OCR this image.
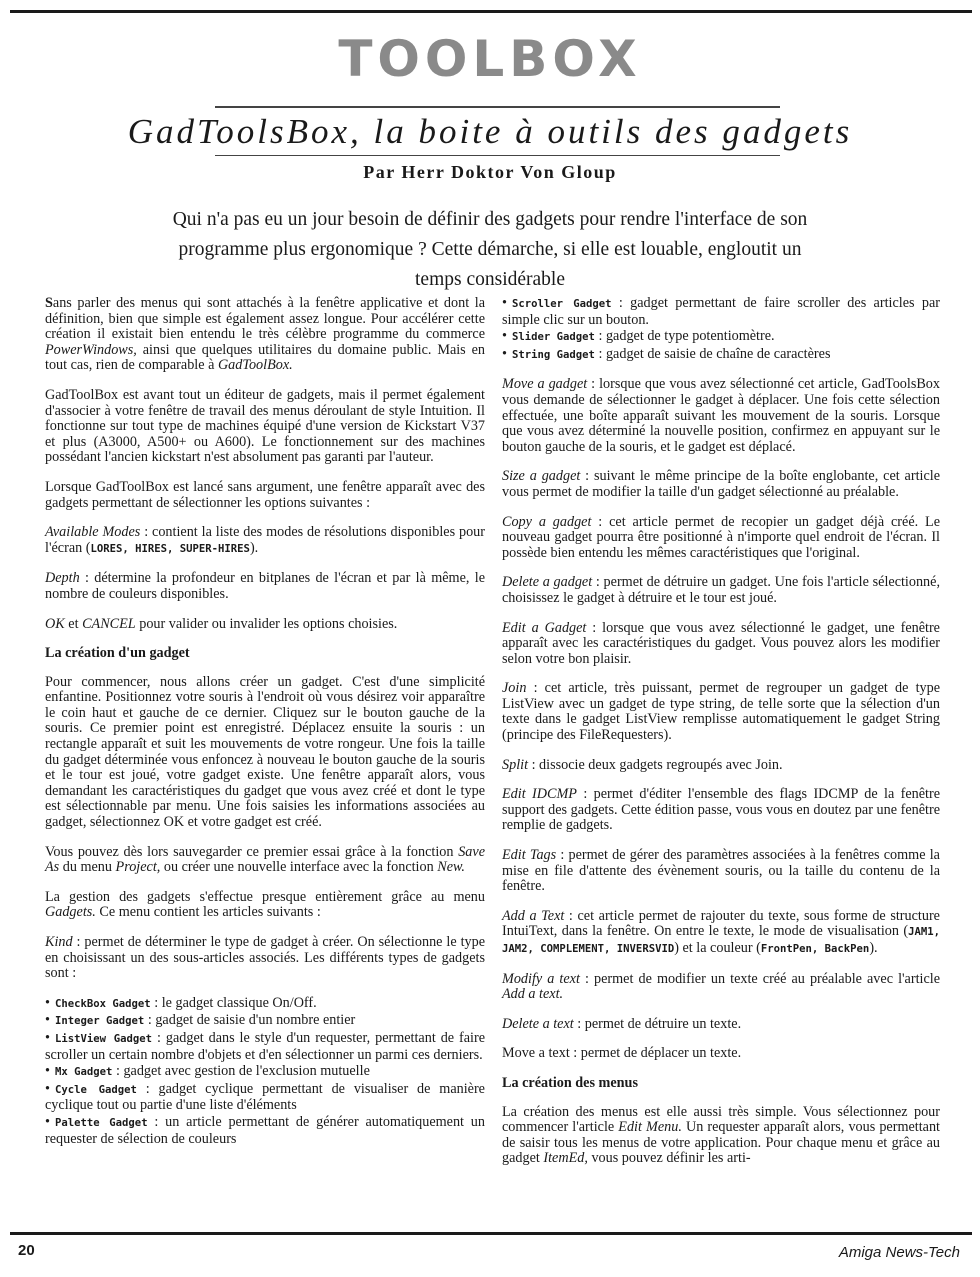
TOOLBOX
GadToolsBox, la boite à outils des gadgets
Par Herr Doktor Von Gloup
Qui n'a pas eu un jour besoin de définir des gadgets pour rendre l'interface de son programme plus ergonomique ? Cette démarche, si elle est louable, engloutit un temps considérable

Sans parler des menus qui sont attachés à la fenêtre applicative et dont la définition, bien que simple est également assez longue. Pour accélérer cette création il existait bien entendu le très célèbre programme du commerce PowerWindows, ainsi que quelques utilitaires du domaine public. Mais en tout cas, rien de comparable à GadToolBox.

GadToolBox est avant tout un éditeur de gadgets, mais il permet également d'associer à votre fenêtre de travail des menus déroulant de style Intuition. Il fonctionne sur tout type de machines équipé d'une version de Kickstart V37 et plus (A3000, A500+ ou A600). Le fonctionnement sur des machines possédant l'ancien kickstart n'est absolument pas garanti par l'auteur.

Lorsque GadToolBox est lancé sans argument, une fenêtre apparaît avec des gadgets permettant de sélectionner les options suivantes :

Available Modes : contient la liste des modes de résolutions disponibles pour l'écran (LORES, HIRES, SUPER-HIRES).

Depth : détermine la profondeur en bitplanes de l'écran et par là même, le nombre de couleurs disponibles.

OK et CANCEL pour valider ou invalider les options choisies.

La création d'un gadget

Pour commencer, nous allons créer un gadget. C'est d'une simplicité enfantine. Positionnez votre souris à l'endroit où vous désirez voir apparaître le coin haut et gauche de ce dernier. Cliquez sur le bouton gauche de la souris. Ce premier point est enregistré. Déplacez ensuite la souris : un rectangle apparaît et suit les mouvements de votre rongeur. Une fois la taille du gadget déterminée vous enfoncez à nouveau le bouton gauche de la souris et le tour est joué, votre gadget existe. Une fenêtre apparaît alors, vous demandant les caractéristiques du gadget que vous avez créé et dont le type est sélectionnable par menu. Une fois saisies les informations associées au gadget, sélectionnez OK et votre gadget est créé.

Vous pouvez dès lors sauvegarder ce premier essai grâce à la fonction Save As du menu Project, ou créer une nouvelle interface avec la fonction New.

La gestion des gadgets s'effectue presque entièrement grâce au menu Gadgets. Ce menu contient les articles suivants :

Kind : permet de déterminer le type de gadget à créer. On sélectionne le type en choisissant un des sous-articles associés. Les différents types de gadgets sont :

• CheckBox Gadget : le gadget classique On/Off.
• Integer Gadget : gadget de saisie d'un nombre entier
• ListView Gadget : gadget dans le style d'un requester, permettant de faire scroller un certain nombre d'objets et d'en sélectionner un parmi ces derniers.
• Mx Gadget : gadget avec gestion de l'exclusion mutuelle
• Cycle Gadget : gadget cyclique permettant de visualiser de manière cyclique tout ou partie d'une liste d'éléments
• Palette Gadget : un article permettant de générer automatiquement un requester de sélection de couleurs
• Scroller Gadget : gadget permettant de faire scroller des articles par simple clic sur un bouton.
• Slider Gadget : gadget de type potentiomètre.
• String Gadget : gadget de saisie de chaîne de caractères

Move a gadget : lorsque que vous avez sélectionné cet article, GadToolsBox vous demande de sélectionner le gadget à déplacer. Une fois cette sélection effectuée, une boîte apparaît suivant les mouvement de la souris. Lorsque que vous avez déterminé la nouvelle position, confirmez en appuyant sur le bouton gauche de la souris, et le gadget est déplacé.

Size a gadget : suivant le même principe de la boîte englobante, cet article vous permet de modifier la taille d'un gadget sélectionné au préalable.

Copy a gadget : cet article permet de recopier un gadget déjà créé. Le nouveau gadget pourra être positionné à n'importe quel endroit de l'écran. Il possède bien entendu les mêmes caractéristiques que l'original.

Delete a gadget : permet de détruire un gadget. Une fois l'article sélectionné, choisissez le gadget à détruire et le tour est joué.

Edit a Gadget : lorsque que vous avez sélectionné le gadget, une fenêtre apparaît avec les caractéristiques du gadget. Vous pouvez alors les modifier selon votre bon plaisir.

Join : cet article, très puissant, permet de regrouper un gadget de type ListView avec un gadget de type string, de telle sorte que la sélection d'un texte dans le gadget ListView remplisse automatiquement le gadget String (principe des FileRequesters).

Split : dissocie deux gadgets regroupés avec Join.

Edit IDCMP : permet d'éditer l'ensemble des flags IDCMP de la fenêtre support des gadgets. Cette édition passe, vous vous en doutez par une fenêtre remplie de gadgets.

Edit Tags : permet de gérer des paramètres associées à la fenêtres comme la mise en file d'attente des évènement souris, ou la taille du contenu de la fenêtre.

Add a Text : cet article permet de rajouter du texte, sous forme de structure IntuiText, dans la fenêtre. On entre le texte, le mode de visualisation (JAM1, JAM2, COMPLEMENT, INVERSVID) et la couleur (FrontPen, BackPen).

Modify a text : permet de modifier un texte créé au préalable avec l'article Add a text.

Delete a text : permet de détruire un texte.

Move a text : permet de déplacer un texte.

La création des menus

La création des menus est elle aussi très simple. Vous sélectionnez pour commencer l'article Edit Menu. Un requester apparaît alors, vous permettant de saisir tous les menus de votre application. Pour chaque menu et grâce au gadget ItemEd, vous pouvez définir les arti-

20	Amiga News-Tech
